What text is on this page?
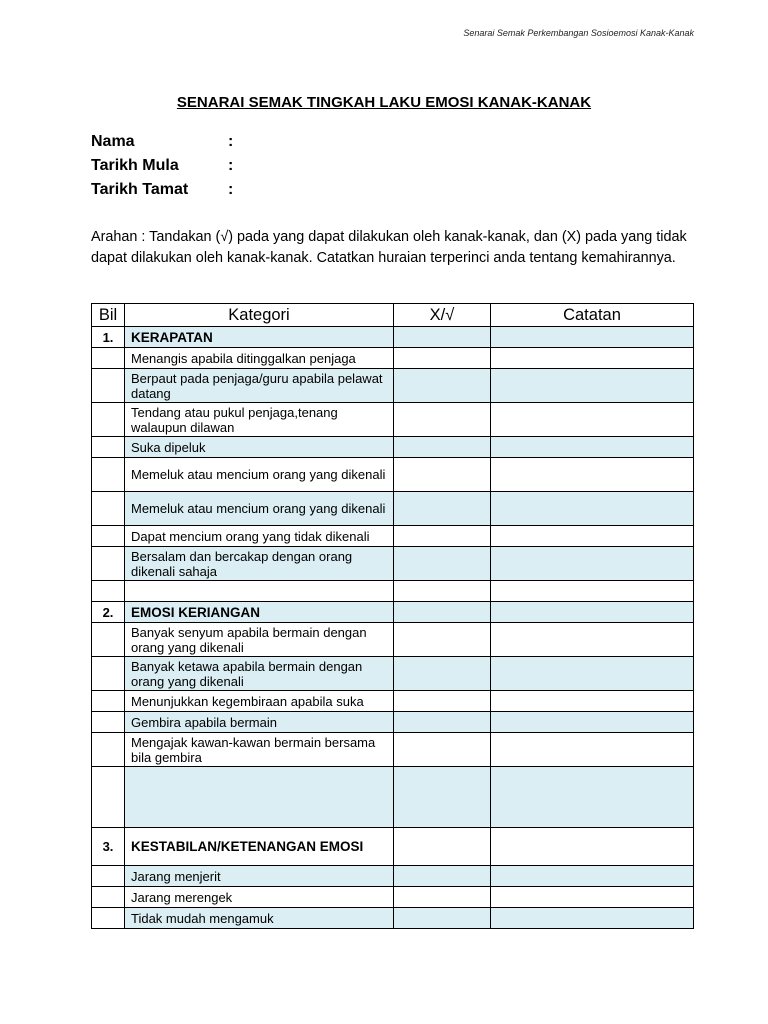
Senarai Semak Perkembangan Sosioemosi Kanak-Kanak
SENARAI SEMAK TINGKAH LAKU EMOSI KANAK-KANAK
Nama	:
Tarikh Mula	:
Tarikh Tamat	:
Arahan : Tandakan (√) pada yang dapat dilakukan oleh kanak-kanak, dan (X) pada yang tidak dapat dilakukan oleh kanak-kanak. Catatkan huraian terperinci anda tentang kemahirannya.
Bil	Kategori	X/√	Catatan
1.	KERAPATAN		
	Menangis apabila ditinggalkan penjaga		
	Berpaut pada penjaga/guru apabila pelawat datang		
	Tendang atau pukul penjaga,tenang walaupun dilawan		
	Suka dipeluk		
	Memeluk atau mencium orang yang dikenali		
	Memeluk atau mencium orang yang dikenali		
	Dapat mencium orang yang tidak dikenali		
	Bersalam dan bercakap dengan orang dikenali sahaja		

2.	EMOSI KERIANGAN		
	Banyak senyum apabila bermain dengan orang yang dikenali		
	Banyak ketawa apabila bermain dengan orang yang dikenali		
	Menunjukkan kegembiraan apabila suka		
	Gembira apabila bermain		
	Mengajak kawan-kawan bermain bersama bila gembira		

3.	KESTABILAN/KETENANGAN EMOSI		
	Jarang menjerit		
	Jarang merengek		
	Tidak mudah mengamuk		
